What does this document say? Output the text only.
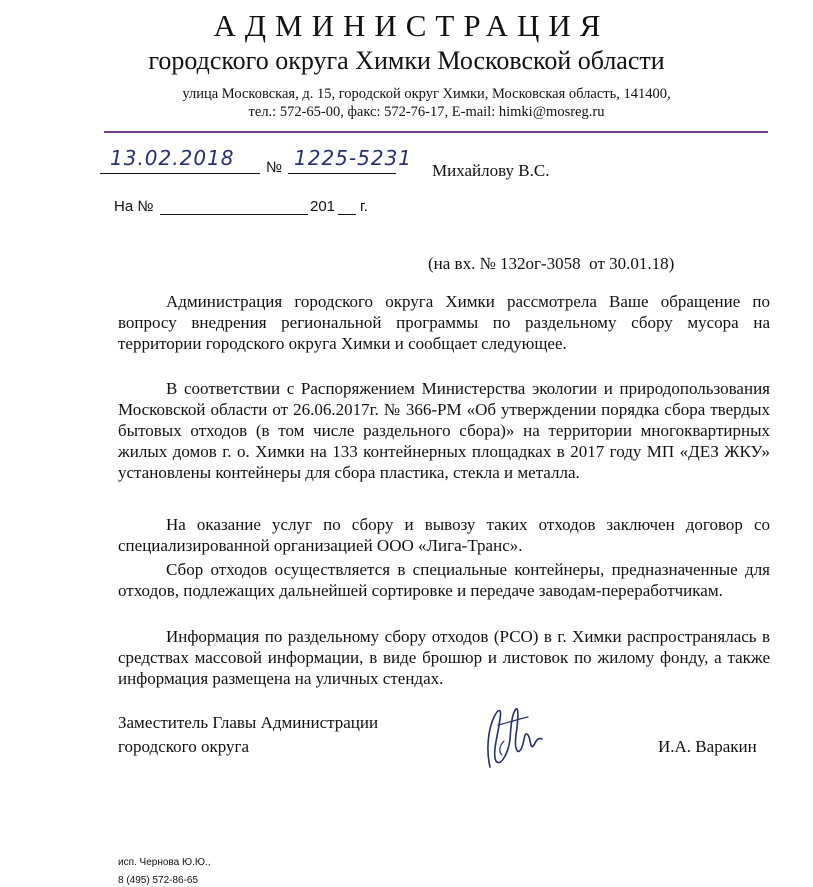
АДМИНИСТРАЦИЯ
городского округа Химки Московской области
улица Московская, д. 15, городской округ Химки, Московская область, 141400,
тел.: 572-65-00, факс: 572-76-17, E-mail: himki@mosreg.ru
13.02.2018 № 1225-5231
Михайлову В.С.
На №	201 г.
(на вх. № 132ог-3058  от 30.01.18)

Администрация городского округа Химки рассмотрела Ваше обращение по вопросу внедрения региональной программы по раздельному сбору мусора на территории городского округа Химки и сообщает следующее.

В соответствии с Распоряжением Министерства экологии и природопользования Московской области от 26.06.2017г. № 366-РМ «Об утверждении порядка сбора твердых бытовых отходов (в том числе раздельного сбора)» на территории многоквартирных жилых домов г. о. Химки на 133 контейнерных площадках в 2017 году МП «ДЕЗ ЖКУ» установлены контейнеры для сбора пластика, стекла и металла.

На оказание услуг по сбору и вывозу таких отходов заключен договор со специализированной организацией ООО «Лига-Транс».

Сбор отходов осуществляется в специальные контейнеры, предназначенные для отходов, подлежащих дальнейшей сортировке и передаче заводам-переработчикам.

Информация по раздельному сбору отходов (РСО) в г. Химки распространялась в средствах массовой информации, в виде брошюр и листовок по жилому фонду, а также информация размещена на уличных стендах.

Заместитель Главы Администрации
городского округа	И.А. Варакин
исп. Чернова Ю.Ю.,
8 (495) 572-86-65
